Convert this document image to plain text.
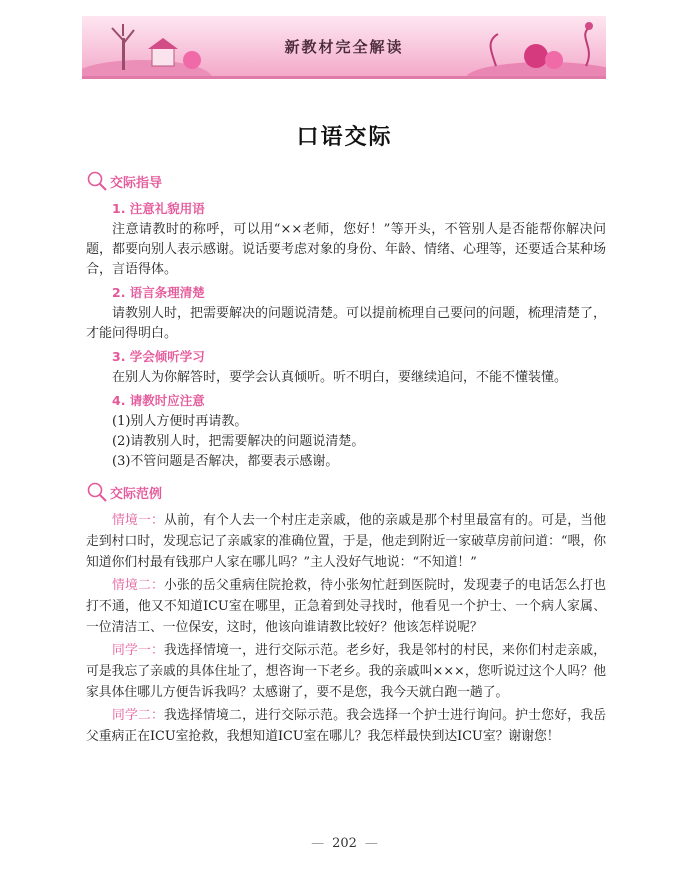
新教材完全解读
口语交际
交际指导
1. 注意礼貌用语

注意请教时的称呼，可以用“××老师，您好！”等开头，不管别人是否能帮你解决问题，都要向别人表示感谢。说话要考虑对象的身份、年龄、情绪、心理等，还要适合某种场合，言语得体。

2. 语言条理清楚

请教别人时，把需要解决的问题说清楚。可以提前梳理自己要问的问题，梳理清楚了，才能问得明白。

3. 学会倾听学习

在别人为你解答时，要学会认真倾听。听不明白，要继续追问，不能不懂装懂。

4. 请教时应注意

(1)别人方便时再请教。

(2)请教别人时，把需要解决的问题说清楚。

(3)不管问题是否解决，都要表示感谢。

交际范例

情境一：从前，有个人去一个村庄走亲戚，他的亲戚是那个村里最富有的。可是，当他走到村口时，发现忘记了亲戚家的准确位置，于是，他走到附近一家破草房前问道：“喂，你知道你们村最有钱那户人家在哪儿吗？”主人没好气地说：“不知道！”

情境二：小张的岳父重病住院抢救，待小张匆忙赶到医院时，发现妻子的电话怎么打也打不通，他又不知道ICU室在哪里，正急着到处寻找时，他看见一个护士、一个病人家属、一位清洁工、一位保安，这时，他该向谁请教比较好？他该怎样说呢？

同学一：我选择情境一，进行交际示范。老乡好，我是邻村的村民，来你们村走亲戚，可是我忘了亲戚的具体住址了，想咨询一下老乡。我的亲戚叫×××，您听说过这个人吗？他家具体住哪儿方便告诉我吗？太感谢了，要不是您，我今天就白跑一趟了。

同学二：我选择情境二，进行交际示范。我会选择一个护士进行询问。护士您好，我岳父重病正在ICU室抢救，我想知道ICU室在哪儿？我怎样最快到达ICU室？谢谢您！

— 202 —
